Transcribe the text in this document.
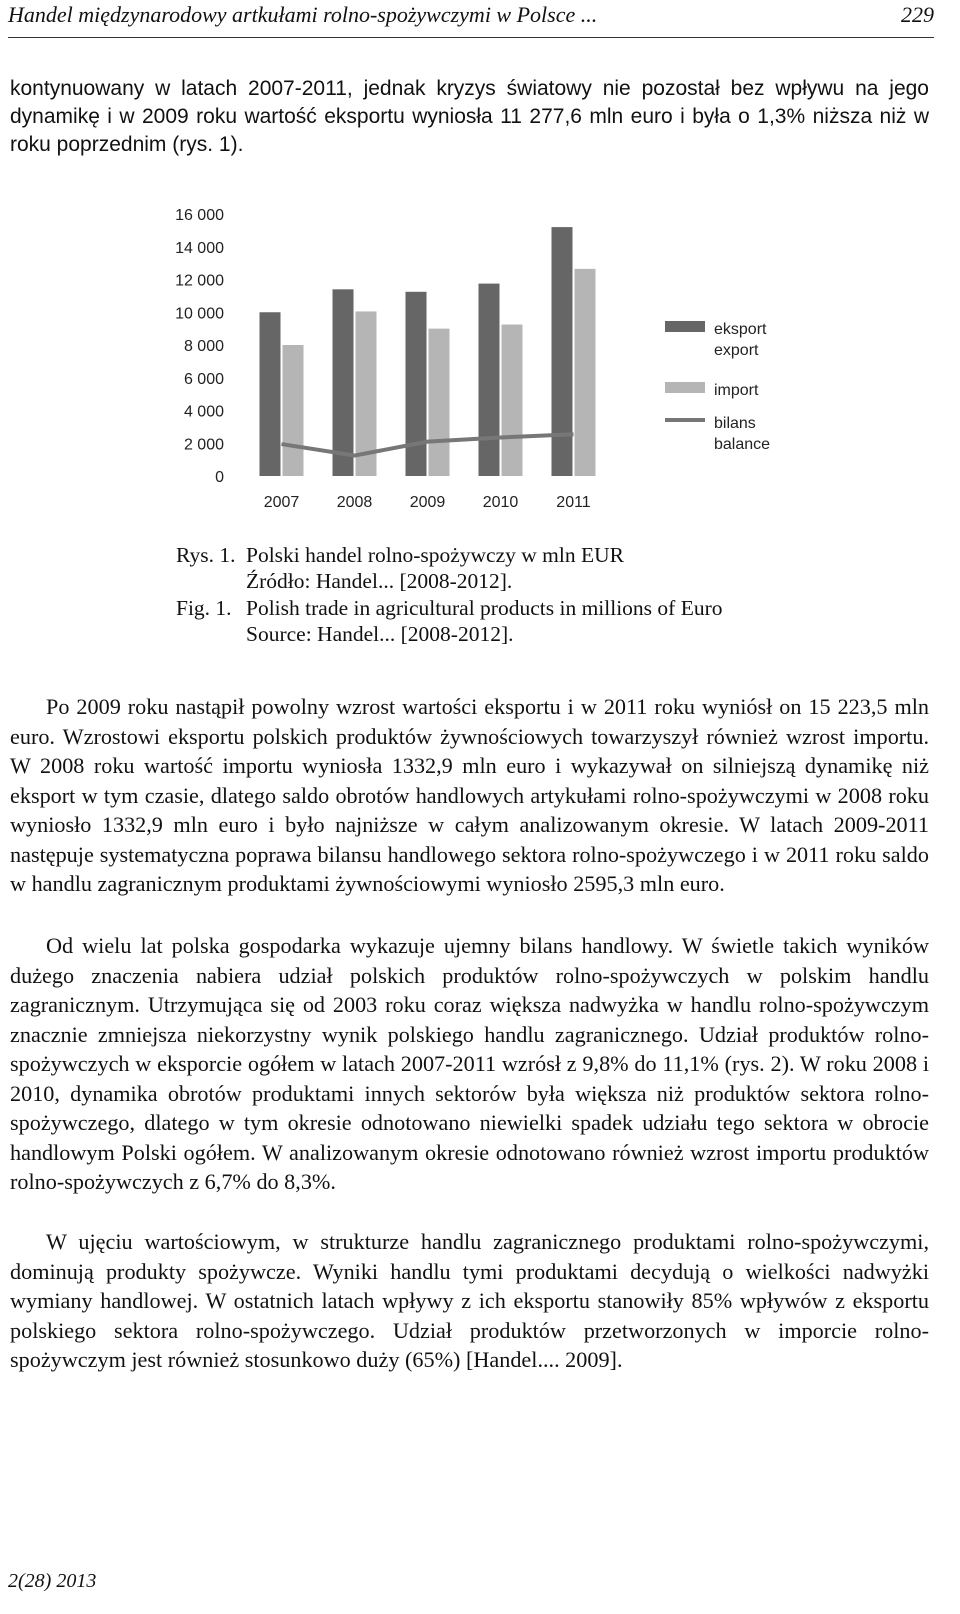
Handel międzynarodowy artkułami rolno-spożywczymi w Polsce ...	229

kontynuowany w latach 2007-2011, jednak kryzys światowy nie pozostał bez wpływu na jego dynamikę i w 2009 roku wartość eksportu wyniosła 11 277,6 mln euro i była o 1,3% niższa niż w roku poprzednim (rys. 1).

0
2 000
4 000
6 000
8 000
10 000
12 000
14 000
16 000
2007 2008 2009 2010 2011
eksport
export
import
bilans
balance
Rys. 1. Polski handel rolno-spożywczy w mln EUR
Źródło: Handel... [2008-2012].
Fig. 1. Polish trade in agricultural products in millions of Euro
Source: Handel... [2008-2012].

Po 2009 roku nastąpił powolny wzrost wartości eksportu i w 2011 roku wyniósł on 15 223,5 mln euro. Wzrostowi eksportu polskich produktów żywnościowych towarzyszył również wzrost importu. W 2008 roku wartość importu wyniosła 1332,9 mln euro i wykazywał on silniejszą dynamikę niż eksport w tym czasie, dlatego saldo obrotów handlowych artykułami rolno-spożywczymi w 2008 roku wyniosło 1332,9 mln euro i było najniższe w całym analizowanym okresie. W latach 2009-2011 następuje systematyczna poprawa bilansu handlowego sektora rolno-spożywczego i w 2011 roku saldo w handlu zagranicznym produktami żywnościowymi wyniosło 2595,3 mln euro.

Od wielu lat polska gospodarka wykazuje ujemny bilans handlowy. W świetle takich wyników dużego znaczenia nabiera udział polskich produktów rolno-spożywczych w polskim handlu zagranicznym. Utrzymująca się od 2003 roku coraz większa nadwyżka w handlu rolno-spożywczym znacznie zmniejsza niekorzystny wynik polskiego handlu zagranicznego. Udział produktów rolno-spożywczych w eksporcie ogółem w latach 2007-2011 wzrósł z 9,8% do 11,1% (rys. 2). W roku 2008 i 2010, dynamika obrotów produktami innych sektorów była większa niż produktów sektora rolno-spożywczego, dlatego w tym okresie odnotowano niewielki spadek udziału tego sektora w obrocie handlowym Polski ogółem. W analizowanym okresie odnotowano również wzrost importu produktów rolno-spożywczych z 6,7% do 8,3%.

W ujęciu wartościowym, w strukturze handlu zagranicznego produktami rolno-spożywczymi, dominują produkty spożywcze. Wyniki handlu tymi produktami decydują o wielkości nadwyżki wymiany handlowej. W ostatnich latach wpływy z ich eksportu stanowiły 85% wpływów z eksportu polskiego sektora rolno-spożywczego. Udział produktów przetworzonych w imporcie rolno-spożywczym jest również stosunkowo duży (65%) [Handel.... 2009].

2(28) 2013
